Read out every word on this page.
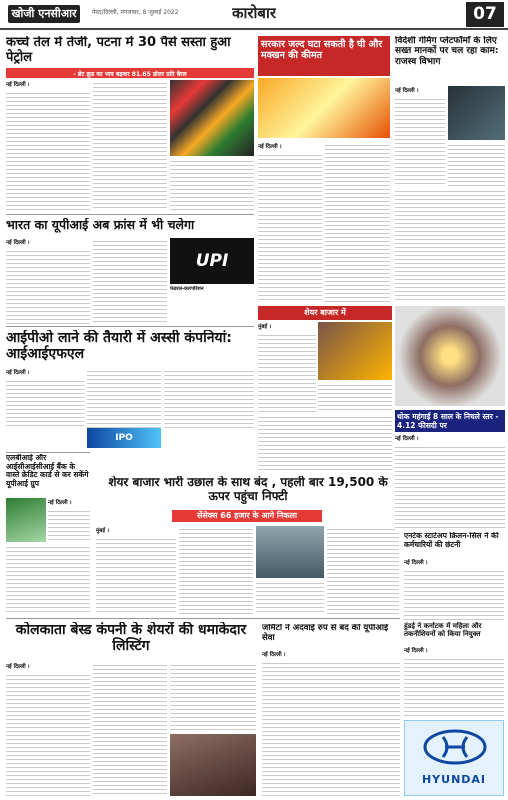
खोजी एनसीआर	मेरठ/दिल्ली, मंगलवार, 8 जुलाई 2022	कारोबार	07
कच्चे तेल में तेजी, पटना में 30 पैसे सस्ता हुआ पेट्रोल
- ब्रेंट क्रूड का भाव बढ़कर 81.65 डॉलर प्रति बैरल
नई दिल्ली ।
भारत का यूपीआई अब फ्रांस में भी चलेगा
नई दिल्ली ।
UPI
फेडरल-कारपोरेशन
आईपीओ लाने की तैयारी में अस्सी कंपनियां: आईआईएफएल
नई दिल्ली ।
IPO
एलबीआई और आईसीआईसीआई बैंक के वास्ते क्रेडिट कार्ड से कर सकेंगे यूपीआई ग्रुप
नई दिल्ली ।
शेयर बाजार भारी उछाल के साथ बंद , पहली बार 19,500 के ऊपर पहुंचा निफ्टी
सेंसेक्स 66 हजार के आगे निकला
मुंबई ।
कोलकाता बेस्ड कंपनी के शेयरों की धमाकेदार लिस्टिंग
नई दिल्ली ।
सरकार जल्द घटा सकती है घी और मक्खन की कीमत
नई दिल्ली ।
विदेशी गेमिंग प्लेटफॉर्मों के लिए सख्त मानकों पर चल रहा काम: राजस्व विभाग
नई दिल्ली ।
शेयर बाजार में
मुंबई ।
थोक महंगाई 8 साल के निचले स्तर - 4.12 फीसदी पर
नई दिल्ली ।
एनटेक स्टार्टअप क्रिलन-सिल ने की कर्मचारियों की छंटनी
नई दिल्ली ।
हुंडई ने कर्नाटक में महिला और तकनीशियनों को किया नियुक्त
नई दिल्ली ।
जोमैटो ने अदवाई रुप से बंद की यूपीआई सेवा
नई दिल्ली ।
HYUNDAI
